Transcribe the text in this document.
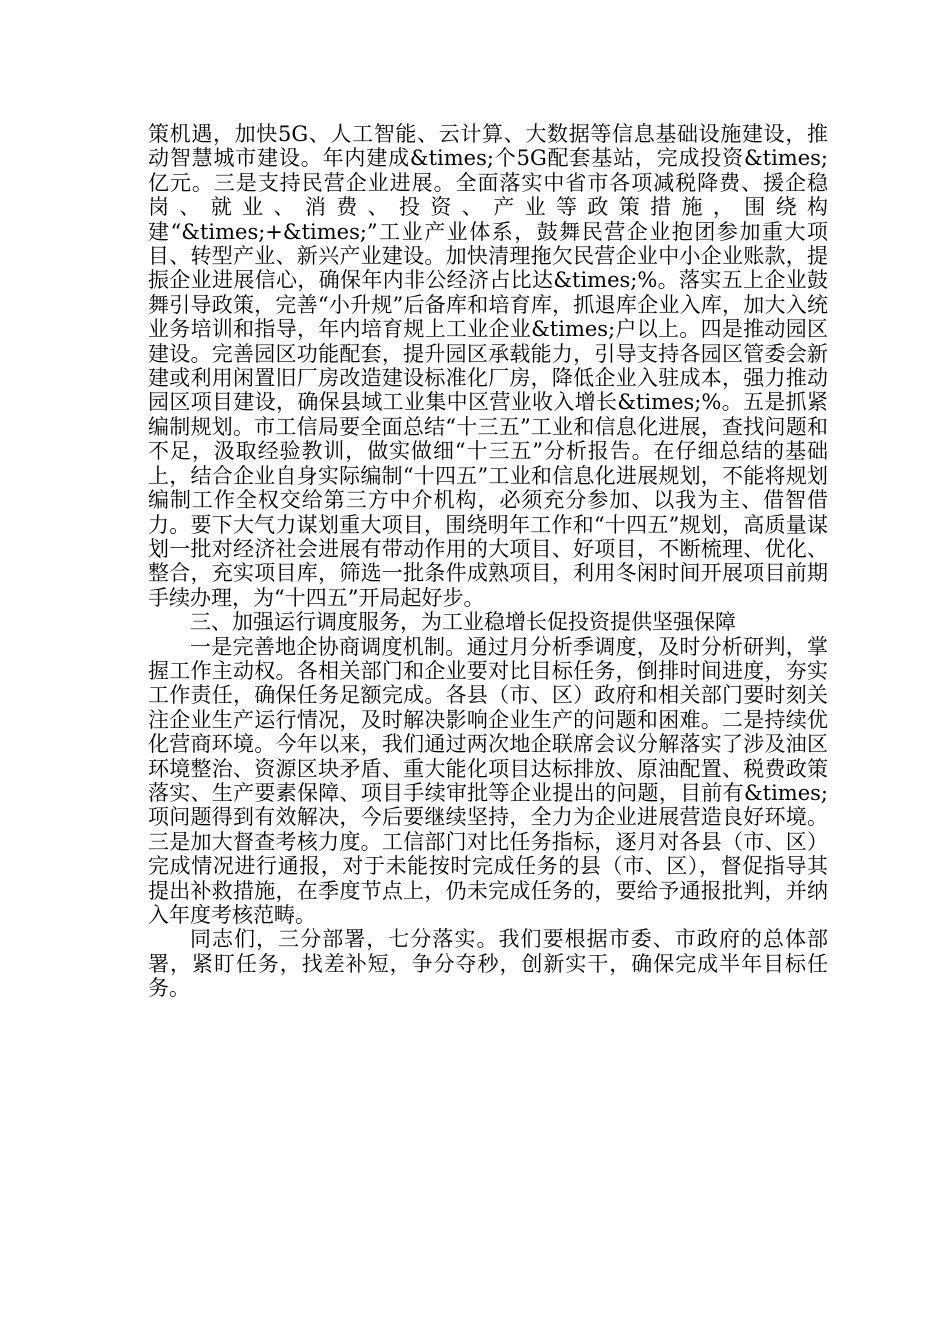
策机遇，加快5G、人工智能、云计算、大数据等信息基础设施建设，推动智慧城市建设。年内建成&times;个5G配套基站，完成投资&times;亿元。三是支持民营企业进展。全面落实中省市各项减税降费、援企稳岗、就业、消费、投资、产业等政策措施，围绕构建“&times;+&times;”工业产业体系，鼓舞民营企业抱团参加重大项目、转型产业、新兴产业建设。加快清理拖欠民营企业中小企业账款，提振企业进展信心，确保年内非公经济占比达&times;%。落实五上企业鼓舞引导政策，完善“小升规”后备库和培育库，抓退库企业入库，加大入统业务培训和指导，年内培育规上工业企业&times;户以上。四是推动园区建设。完善园区功能配套，提升园区承载能力，引导支持各园区管委会新建或利用闲置旧厂房改造建设标准化厂房，降低企业入驻成本，强力推动园区项目建设，确保县域工业集中区营业收入增长&times;%。五是抓紧编制规划。市工信局要全面总结“十三五”工业和信息化进展，查找问题和不足，汲取经验教训，做实做细“十三五”分析报告。在仔细总结的基础上，结合企业自身实际编制“十四五”工业和信息化进展规划，不能将规划编制工作全权交给第三方中介机构，必须充分参加、以我为主、借智借力。要下大气力谋划重大项目，围绕明年工作和“十四五”规划，高质量谋划一批对经济社会进展有带动作用的大项目、好项目，不断梳理、优化、整合，充实项目库，筛选一批条件成熟项目，利用冬闲时间开展项目前期手续办理，为“十四五”开局起好步。

三、加强运行调度服务，为工业稳增长促投资提供坚强保障

一是完善地企协商调度机制。通过月分析季调度，及时分析研判，掌握工作主动权。各相关部门和企业要对比目标任务，倒排时间进度，夯实工作责任，确保任务足额完成。各县（市、区）政府和相关部门要时刻关注企业生产运行情况，及时解决影响企业生产的问题和困难。二是持续优化营商环境。今年以来，我们通过两次地企联席会议分解落实了涉及油区环境整治、资源区块矛盾、重大能化项目达标排放、原油配置、税费政策落实、生产要素保障、项目手续审批等企业提出的问题，目前有&times;项问题得到有效解决，今后要继续坚持，全力为企业进展营造良好环境。三是加大督查考核力度。工信部门对比任务指标，逐月对各县（市、区）完成情况进行通报，对于未能按时完成任务的县（市、区），督促指导其提出补救措施，在季度节点上，仍未完成任务的，要给予通报批判，并纳入年度考核范畴。

同志们，三分部署，七分落实。我们要根据市委、市政府的总体部署，紧盯任务，找差补短，争分夺秒，创新实干，确保完成半年目标任务。
